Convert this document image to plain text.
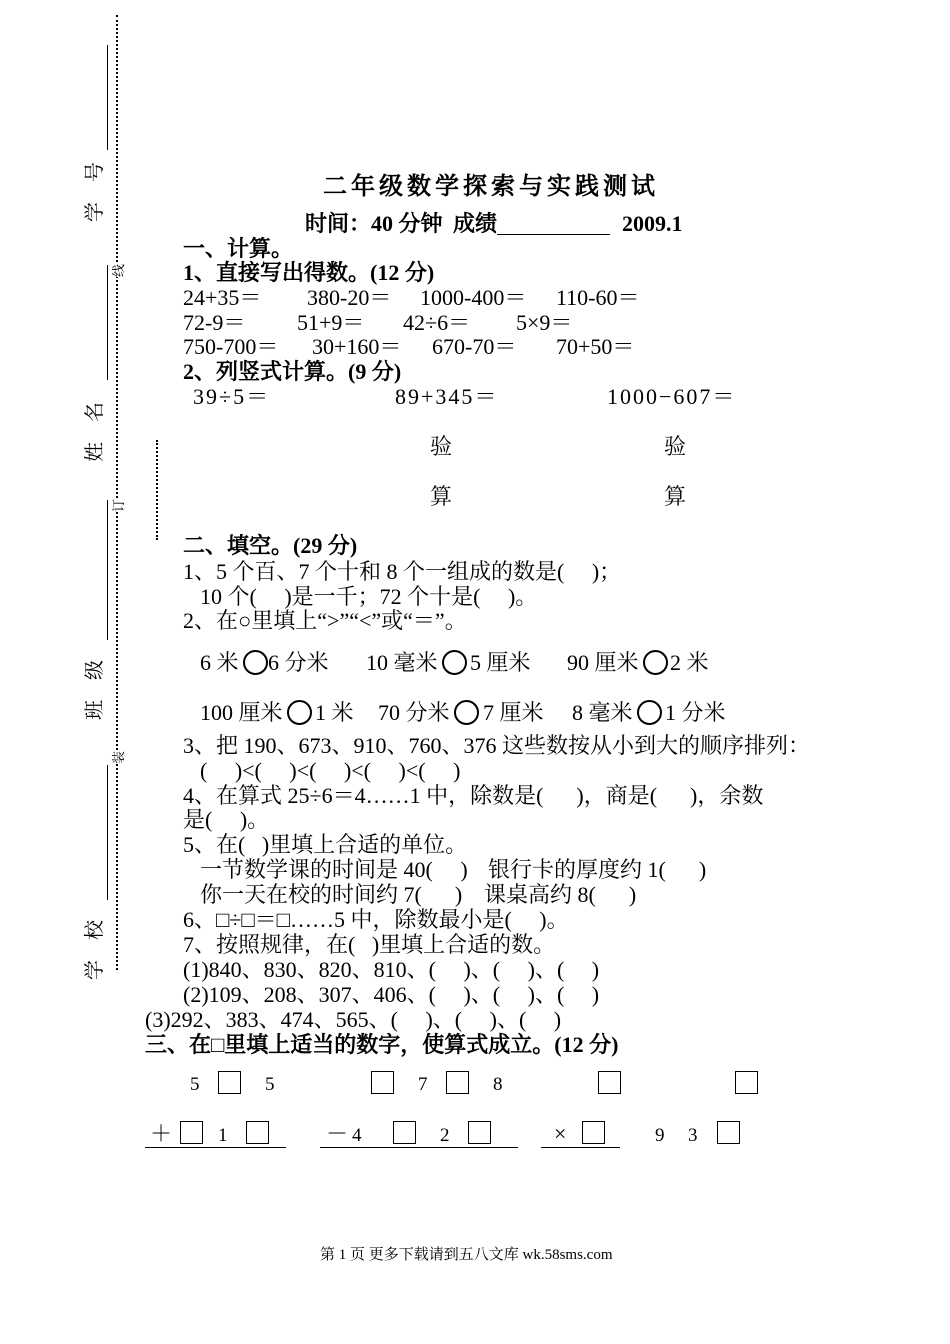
学号
线
姓名
订
班级
装
学校
二年级数学探索与实践测试
时间：40 分钟 成绩	2009.1
一、计算。
1、直接写出得数。(12 分)
24+35＝ 380-20＝ 1000-400＝ 110-60＝
72-9＝ 51+9＝ 42÷6＝ 5×9＝
750-700＝ 30+160＝ 670-70＝ 70+50＝
2、列竖式计算。(9 分)
39÷5＝	89+345＝	1000−607＝
验	验
算	算
二、填空。(29 分)
1、5 个百、7 个十和 8 个一组成的数是(     )；
10 个(     )是一千；72 个十是(     )。
2、在○里填上“>”“<”或“＝”。
6 米 6 分米 10 毫米 5 厘米 90 厘米 2 米
100 厘米 1 米 70 分米 7 厘米 8 毫米 1 分米
3、把 190、673、910、760、376 这些数按从小到大的顺序排列：
(     )<(     )<(     )<(     )<(     )
4、在算式 25÷6＝4……1 中，除数是(      )，商是(      )，余数
是(     )。
5、在(   )里填上合适的单位。
一节数学课的时间是 40(     ) 银行卡的厚度约 1(      )
你一天在校的时间约 7(      ) 课桌高约 8(      )
6、□÷□＝□……5 中，除数最小是(     )。
7、按照规律，在(   )里填上合适的数。
(1)840、830、820、810、(     )、(     )、(     )
(2)109、208、307、406、(     )、(     )、(     )
(3)292、383、474、565、(     )、(     )、(     )
三、在□里填上适当的数字，使算式成立。(12 分)
5	5	7	8
＋ 1	－ 4	2	×	9 3
第 1 页 更多下载请到五八文库 wk.58sms.com
